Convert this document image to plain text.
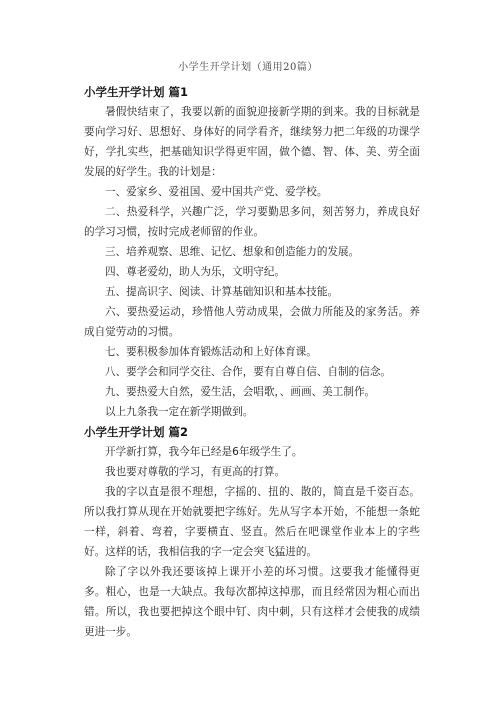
小学生开学计划（通用20篇）

小学生开学计划 篇1

暑假快结束了，我要以新的面貌迎接新学期的到来。我的目标就是要向学习好、思想好、身体好的同学看齐，继续努力把二年级的功课学好，学扎实些，把基础知识学得更牢固，做个德、智、体、美、劳全面发展的好学生。我的计划是：

一、爱家乡、爱祖国、爱中国共产党、爱学校。

二、热爱科学，兴趣广泛，学习要勤思多问，刻苦努力，养成良好的学习习惯，按时完成老师留的作业。

三、培养观察、思维、记忆、想象和创造能力的发展。

四、尊老爱幼，助人为乐，文明守纪。

五、提高识字、阅读、计算基础知识和基本技能。

六、要热爱运动，珍惜他人劳动成果，会做力所能及的家务活。养成自觉劳动的习惯。

七、要积极参加体育锻炼活动和上好体育课。

八、要学会和同学交往、合作，要有自尊自信、自制的信念。

九、要热爱大自然，爱生活，会唱歌，、画画、美工制作。

以上九条我一定在新学期做到。

小学生开学计划 篇2

开学新打算，我今年已经是6年级学生了。

我也要对尊敬的学习，有更高的打算。

我的字以直是很不理想，字摇的、扭的、散的，简直是千姿百态。所以我打算从现在开始就要把字练好。先从写字本开始，不能想一条蛇一样，斜着、弯着，字要横直、竖直。然后在吧课堂作业本上的字些好。这样的话，我相信我的字一定会突飞猛进的。

除了字以外我还要该掉上课开小差的坏习惯。这要我才能懂得更多。粗心，也是一大缺点。我每次都掉这掉那，而且经常因为粗心而出错。所以，我也要把掉这个眼中钉、肉中刺，只有这样才会使我的成绩更进一步。
